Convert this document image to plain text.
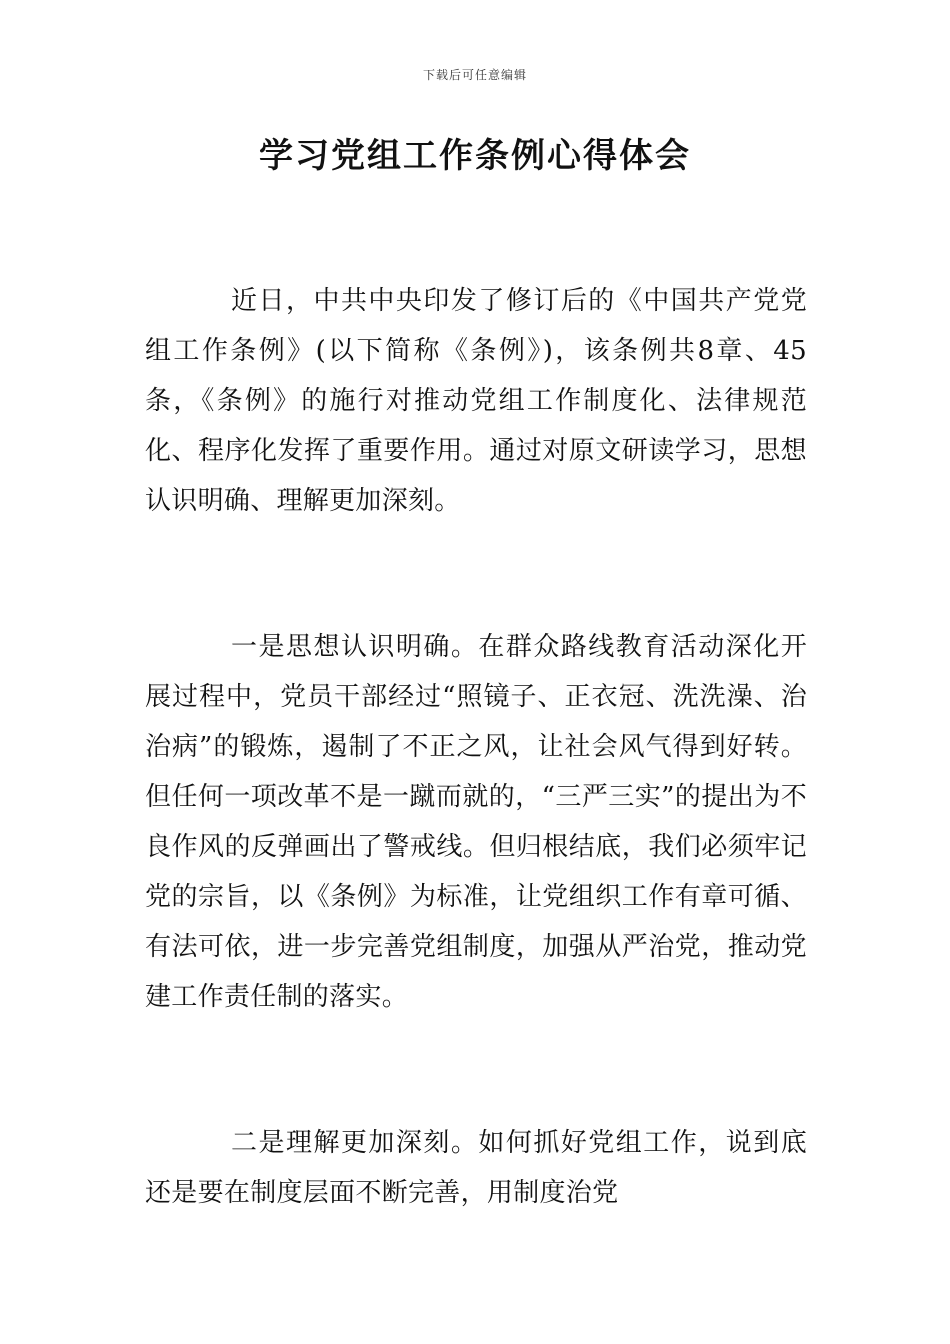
下载后可任意编辑
学习党组工作条例心得体会

近日，中共中央印发了修订后的《中国共产党党组工作条例》(以下简称《条例》)，该条例共8章、45条，《条例》的施行对推动党组工作制度化、法律规范化、程序化发挥了重要作用。通过对原文研读学习，思想认识明确、理解更加深刻。

一是思想认识明确。在群众路线教育活动深化开展过程中，党员干部经过“照镜子、正衣冠、洗洗澡、治治病”的锻炼，遏制了不正之风，让社会风气得到好转。但任何一项改革不是一蹴而就的，“三严三实”的提出为不良作风的反弹画出了警戒线。但归根结底，我们必须牢记党的宗旨，以《条例》为标准，让党组织工作有章可循、有法可依，进一步完善党组制度，加强从严治党，推动党建工作责任制的落实。

二是理解更加深刻。如何抓好党组工作，说到底还是要在制度层面不断完善，用制度治党
